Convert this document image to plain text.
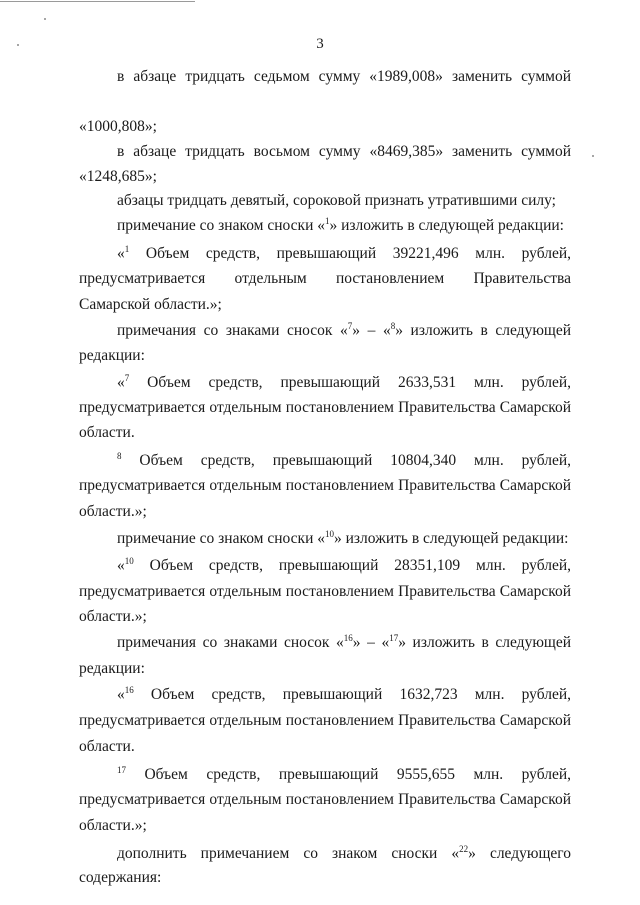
3
в абзаце тридцать седьмом сумму «1989,008» заменить суммой
«1000,808»;
в абзаце тридцать восьмом сумму «8469,385» заменить суммой
«1248,685»;
абзацы тридцать девятый, сороковой признать утратившими силу;
примечание со знаком сноски «$^1$» изложить в следующей редакции:
«$^1$ Объем средств, превышающий 39221,496 млн. рублей,
предусматривается отдельным постановлением Правительства
Самарской области.»;
примечания со знаками сносок «$^7$» – «$^8$» изложить в следующей
редакции:
«$^7$ Объем средств, превышающий 2633,531 млн. рублей,
предусматривается отдельным постановлением Правительства Самарской
области.
$^8$ Объем средств, превышающий 10804,340 млн. рублей,
предусматривается отдельным постановлением Правительства Самарской
области.»;
примечание со знаком сноски «$^{10}$» изложить в следующей редакции:
«$^{10}$ Объем средств, превышающий 28351,109 млн. рублей,
предусматривается отдельным постановлением Правительства Самарской
области.»;
примечания со знаками сносок «$^{16}$» – «$^{17}$» изложить в следующей
редакции:
«$^{16}$ Объем средств, превышающий 1632,723 млн. рублей,
предусматривается отдельным постановлением Правительства Самарской
области.
$^{17}$ Объем средств, превышающий 9555,655 млн. рублей,
предусматривается отдельным постановлением Правительства Самарской
области.»;
дополнить примечанием со знаком сноски «$^{22}$» следующего
содержания:
